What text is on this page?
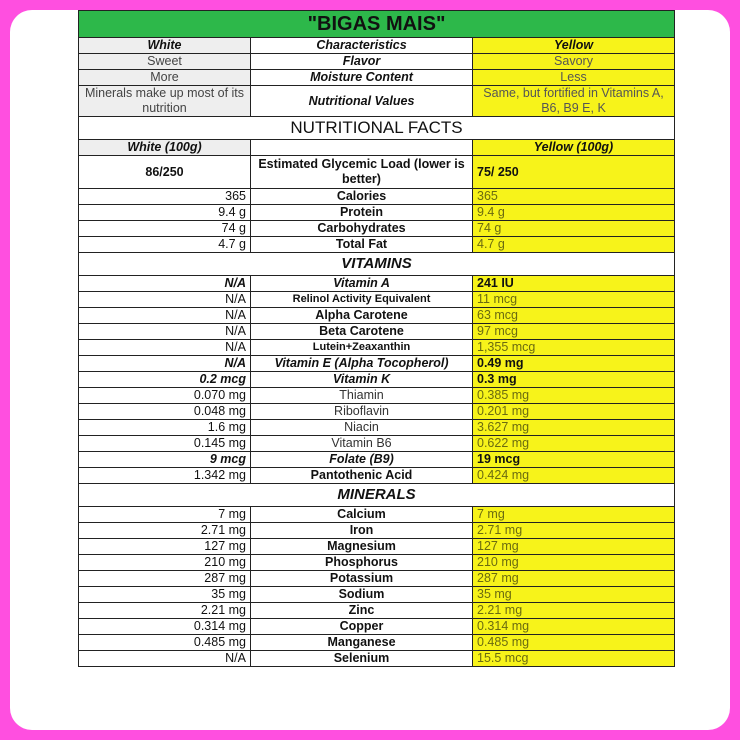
"BIGAS MAIS"		
White	Characteristics	Yellow
Sweet	Flavor	Savory
More	Moisture Content	Less
Minerals make up most of its nutrition	Nutritional Values	Same, but fortified in Vitamins A, B6, B9 E, K
NUTRITIONAL FACTS		
White (100g)		Yellow (100g)
86/250	Estimated Glycemic Load (lower is better)	75/ 250
365	Calories	365
9.4 g	Protein	9.4 g
74 g	Carbohydrates	74 g
4.7 g	Total Fat	4.7 g
VITAMINS		
N/A	Vitamin A	241 IU
N/A	Relinol Activity Equivalent	11 mcg
N/A	Alpha Carotene	63 mcg
N/A	Beta Carotene	97 mcg
N/A	Lutein+Zeaxanthin	1,355 mcg
N/A	Vitamin E (Alpha Tocopherol)	0.49 mg
0.2 mcg	Vitamin K	0.3 mg
0.070 mg	Thiamin	0.385 mg
0.048 mg	Riboflavin	0.201 mg
1.6 mg	Niacin	3.627 mg
0.145 mg	Vitamin B6	0.622 mg
9 mcg	Folate (B9)	19 mcg
1.342 mg	Pantothenic Acid	0.424 mg
MINERALS		
7 mg	Calcium	7 mg
2.71 mg	Iron	2.71 mg
127 mg	Magnesium	127 mg
210 mg	Phosphorus	210 mg
287 mg	Potassium	287 mg
35 mg	Sodium	35 mg
2.21 mg	Zinc	2.21 mg
0.314 mg	Copper	0.314 mg
0.485 mg	Manganese	0.485 mg
N/A	Selenium	15.5 mcg
